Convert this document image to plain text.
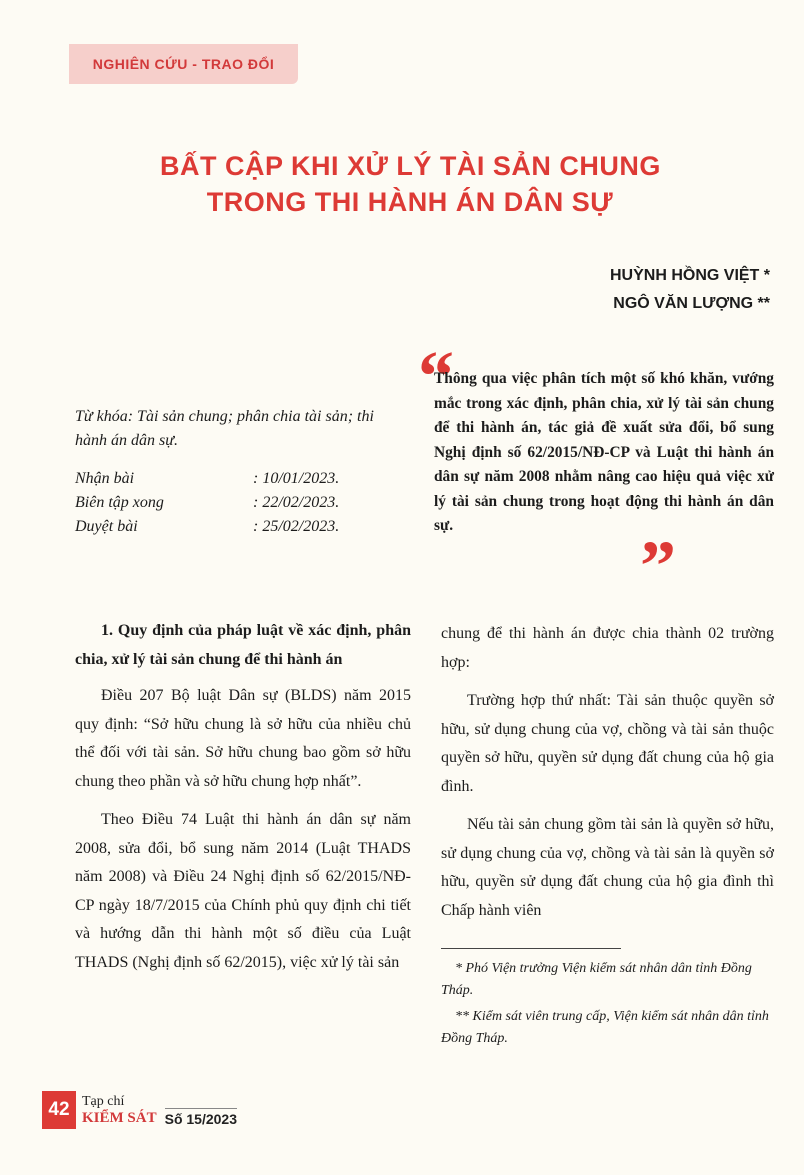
NGHIÊN CỨU - TRAO ĐỔI
BẤT CẬP KHI XỬ LÝ TÀI SẢN CHUNG
TRONG THI HÀNH ÁN DÂN SỰ
HUỲNH HỒNG VIỆT *
NGÔ VĂN LƯỢNG **
“
Thông qua việc phân tích một số khó khăn, vướng mắc trong xác định, phân chia, xử lý tài sản chung để thi hành án, tác giả đề xuất sửa đổi, bổ sung Nghị định số 62/2015/NĐ-CP và Luật thi hành án dân sự năm 2008 nhằm nâng cao hiệu quả việc xử lý tài sản chung trong hoạt động thi hành án dân sự.
”
Từ khóa: Tài sản chung; phân chia tài sản; thi hành án dân sự.
Nhận bài	: 10/01/2023.
Biên tập xong	: 22/02/2023.
Duyệt bài	: 25/02/2023.
1. Quy định của pháp luật về xác định, phân chia, xử lý tài sản chung để thi hành án

Điều 207 Bộ luật Dân sự (BLDS) năm 2015 quy định: “Sở hữu chung là sở hữu của nhiều chủ thể đối với tài sản. Sở hữu chung bao gồm sở hữu chung theo phần và sở hữu chung hợp nhất”.

Theo Điều 74 Luật thi hành án dân sự năm 2008, sửa đổi, bổ sung năm 2014 (Luật THADS năm 2008) và Điều 24 Nghị định số 62/2015/NĐ-CP ngày 18/7/2015 của Chính phủ quy định chi tiết và hướng dẫn thi hành một số điều của Luật THADS (Nghị định số 62/2015), việc xử lý tài sản

chung để thi hành án được chia thành 02 trường hợp:

Trường hợp thứ nhất: Tài sản thuộc quyền sở hữu, sử dụng chung của vợ, chồng và tài sản thuộc quyền sở hữu, quyền sử dụng đất chung của hộ gia đình.

Nếu tài sản chung gồm tài sản là quyền sở hữu, sử dụng chung của vợ, chồng và tài sản là quyền sở hữu, quyền sử dụng đất chung của hộ gia đình thì Chấp hành viên

* Phó Viện trưởng Viện kiểm sát nhân dân tỉnh Đồng Tháp.
** Kiểm sát viên trung cấp, Viện kiểm sát nhân dân tỉnh Đồng Tháp.
42 Tạp chí
KIỂM SÁT Số 15/2023
